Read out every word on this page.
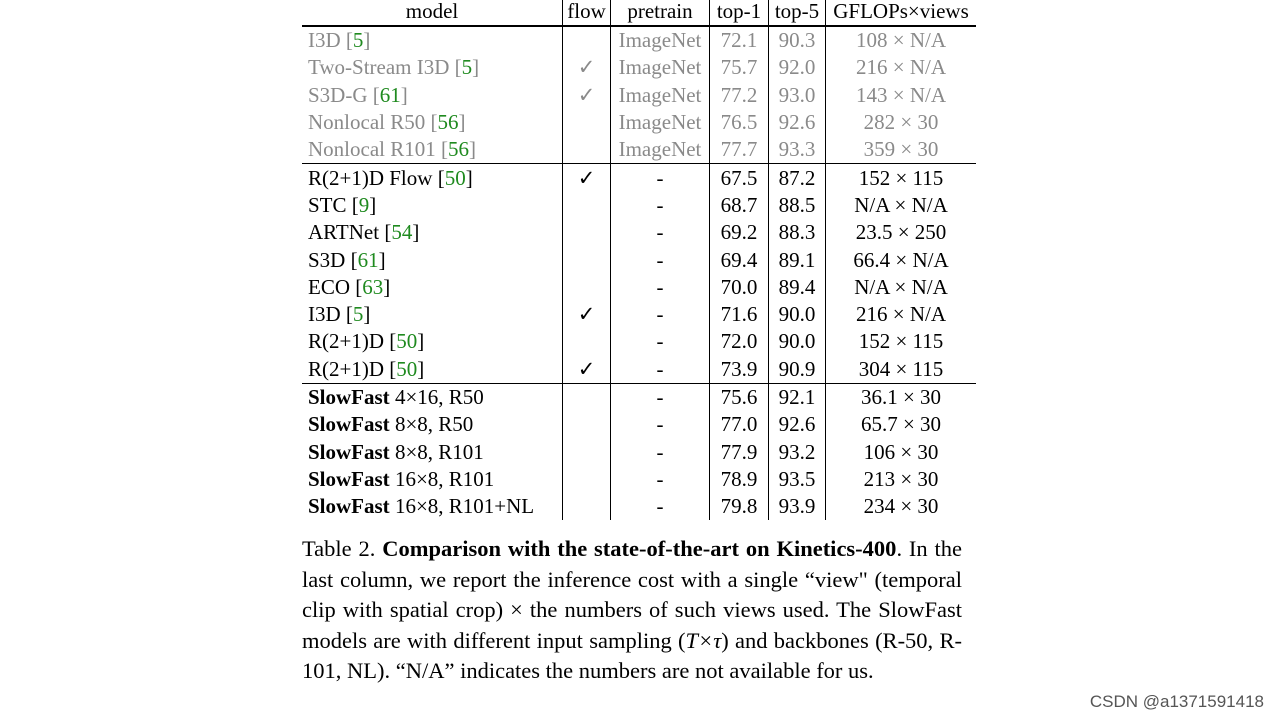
model	flow	pretrain	top-1	top-5	GFLOPs×views
I3D [5]		ImageNet	72.1	90.3	108 × N/A
Two-Stream I3D [5]	✓	ImageNet	75.7	92.0	216 × N/A
S3D-G [61]	✓	ImageNet	77.2	93.0	143 × N/A
Nonlocal R50 [56]		ImageNet	76.5	92.6	282 × 30
Nonlocal R101 [56]		ImageNet	77.7	93.3	359 × 30
R(2+1)D Flow [50]	✓	-	67.5	87.2	152 × 115
STC [9]		-	68.7	88.5	N/A × N/A
ARTNet [54]		-	69.2	88.3	23.5 × 250
S3D [61]		-	69.4	89.1	66.4 × N/A
ECO [63]		-	70.0	89.4	N/A × N/A
I3D [5]	✓	-	71.6	90.0	216 × N/A
R(2+1)D [50]		-	72.0	90.0	152 × 115
R(2+1)D [50]	✓	-	73.9	90.9	304 × 115
SlowFast 4×16, R50		-	75.6	92.1	36.1 × 30
SlowFast 8×8, R50		-	77.0	92.6	65.7 × 30
SlowFast 8×8, R101		-	77.9	93.2	106 × 30
SlowFast 16×8, R101		-	78.9	93.5	213 × 30
SlowFast 16×8, R101+NL		-	79.8	93.9	234 × 30
Table 2. Comparison with the state-of-the-art on Kinetics-400. In the last column, we report the inference cost with a single “view" (temporal clip with spatial crop) × the numbers of such views used. The SlowFast models are with different input sampling (T×τ) and backbones (R-50, R-101, NL). “N/A” indicates the numbers are not available for us.
CSDN @a1371591418
